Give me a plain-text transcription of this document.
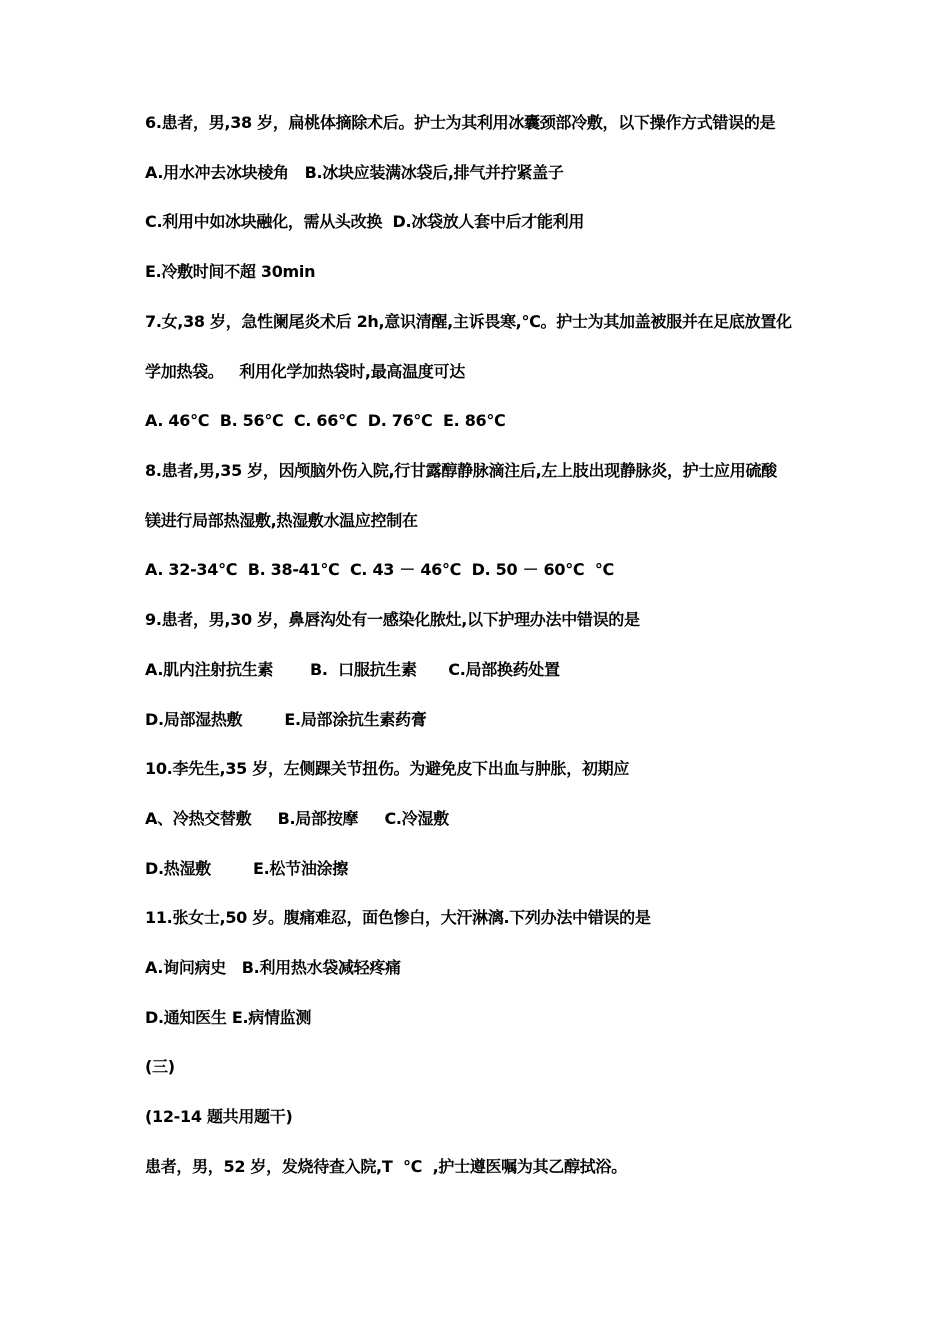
6.患者，男,38 岁，扁桃体摘除术后。护士为其利用冰囊颈部冷敷，以下操作方式错误的是
A.用水冲去冰块棱角   B.冰块应装满冰袋后,排气并拧紧盖子
C.利用中如冰块融化，需从头改换  D.冰袋放人套中后才能利用
E.冷敷时间不超 30min
7.女,38 岁，急性阑尾炎术后 2h,意识清醒,主诉畏寒,℃。护士为其加盖被服并在足底放置化
学加热袋。   利用化学加热袋时,最高温度可达
A. 46℃  B. 56℃  C. 66℃  D. 76℃  E. 86℃
8.患者,男,35 岁，因颅脑外伤入院,行甘露醇静脉滴注后,左上肢出现静脉炎，护士应用硫酸
镁进行局部热湿敷,热湿敷水温应控制在
A. 32-34℃  B. 38-41℃  C. 43 － 46℃  D. 50 － 60℃  ℃
9.患者，男,30 岁，鼻唇沟处有一感染化脓灶,以下护理办法中错误的是
A.肌内注射抗生素       B.  口服抗生素      C.局部换药处置
D.局部湿热敷        E.局部涂抗生素药膏
10.李先生,35 岁，左侧踝关节扭伤。为避免皮下出血与肿胀，初期应
A、冷热交替敷     B.局部按摩     C.冷湿敷
D.热湿敷        E.松节油涂擦
11.张女士,50 岁。腹痛难忍，面色惨白，大汗淋漓.下列办法中错误的是
A.询问病史   B.利用热水袋减轻疼痛
D.通知医生 E.病情监测
(三)
(12-14 题共用题干)
患者，男，52 岁，发烧待查入院,T  ℃  ,护士遵医嘱为其乙醇拭浴。
